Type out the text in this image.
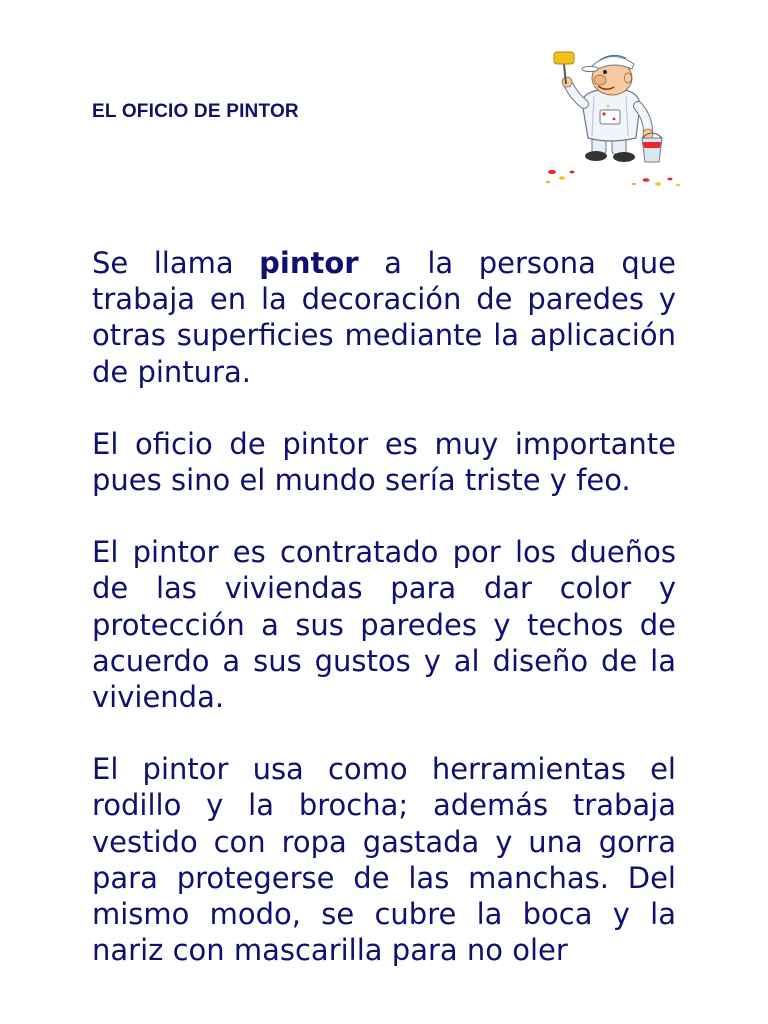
EL OFICIO DE PINTOR

Se llama pintor a la persona que trabaja en la decoración de paredes y otras superficies mediante la aplicación de pintura.

El oficio de pintor es muy importante pues sino el mundo sería triste y feo.

El pintor es contratado por los dueños de las viviendas para dar color y protección a sus paredes y techos de acuerdo a sus gustos y al diseño de la vivienda.

El pintor usa como herramientas el rodillo y la brocha; además trabaja vestido con ropa gastada y una gorra para protegerse de las manchas. Del mismo modo, se cubre la boca y la nariz con mascarilla para no oler
